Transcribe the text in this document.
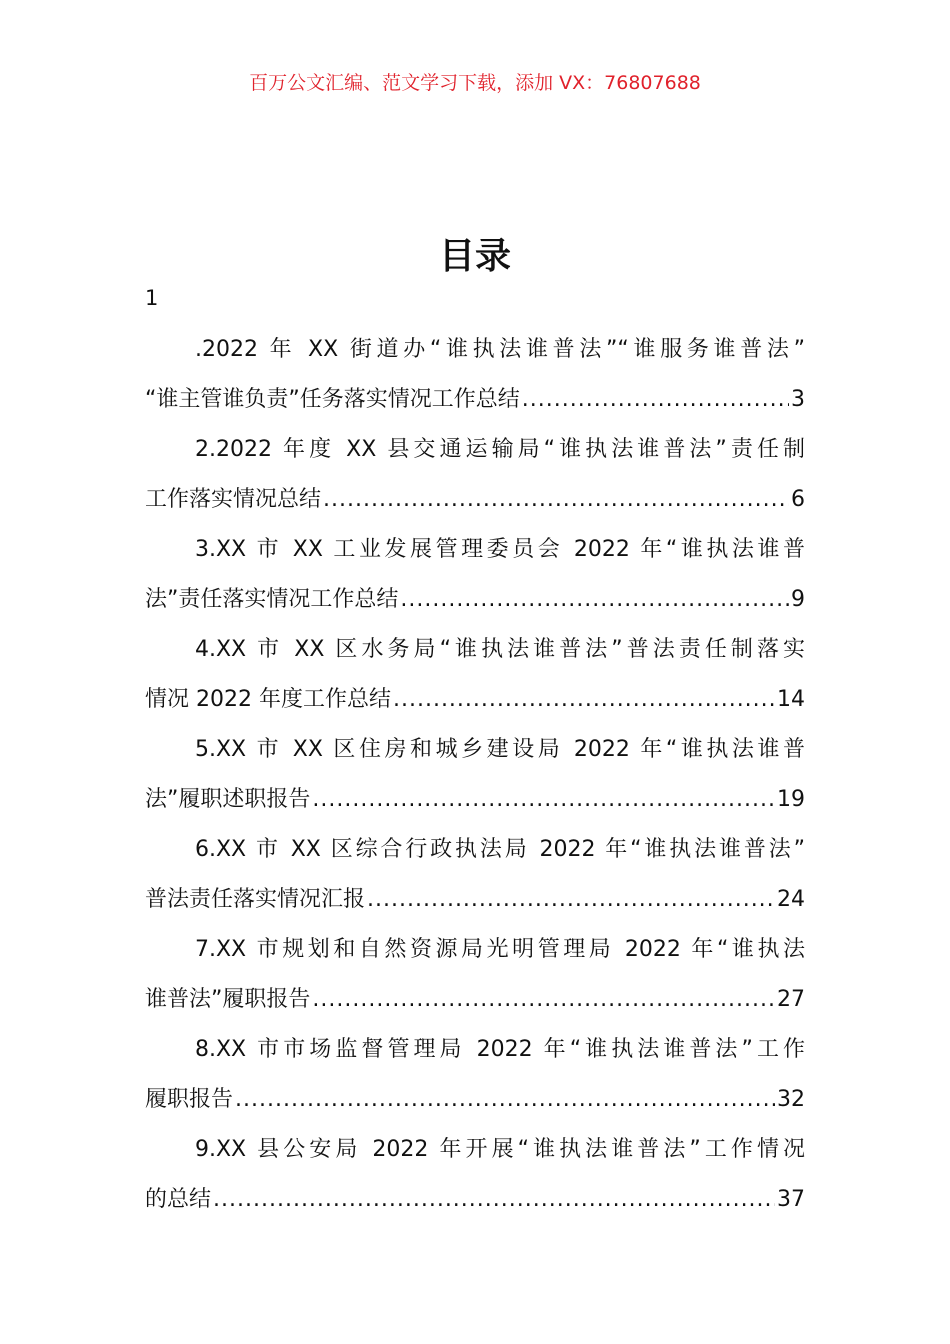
百万公文汇编、范文学习下载，添加 VX：76807688
目录
1
.2022 年 XX 街道办“谁执法谁普法”“谁服务谁普法”
“谁主管谁负责”任务落实情况工作总结 .....	3
2.2022 年度 XX 县交通运输局“谁执法谁普法”责任制
工作落实情况总结 .....	6
3.XX 市 XX 工业发展管理委员会 2022 年“谁执法谁普
法”责任落实情况工作总结 .....	9
4.XX 市 XX 区水务局“谁执法谁普法”普法责任制落实
情况 2022 年度工作总结 .....	14
5.XX 市 XX 区住房和城乡建设局 2022 年“谁执法谁普
法”履职述职报告 .....	19
6.XX 市 XX 区综合行政执法局 2022 年“谁执法谁普法”
普法责任落实情况汇报 .....	24
7.XX 市规划和自然资源局光明管理局 2022 年“谁执法
谁普法”履职报告 .....	27
8.XX 市市场监督管理局 2022 年“谁执法谁普法”工作
履职报告 .....	32
9.XX 县公安局 2022 年开展“谁执法谁普法”工作情况
的总结 .....	37
